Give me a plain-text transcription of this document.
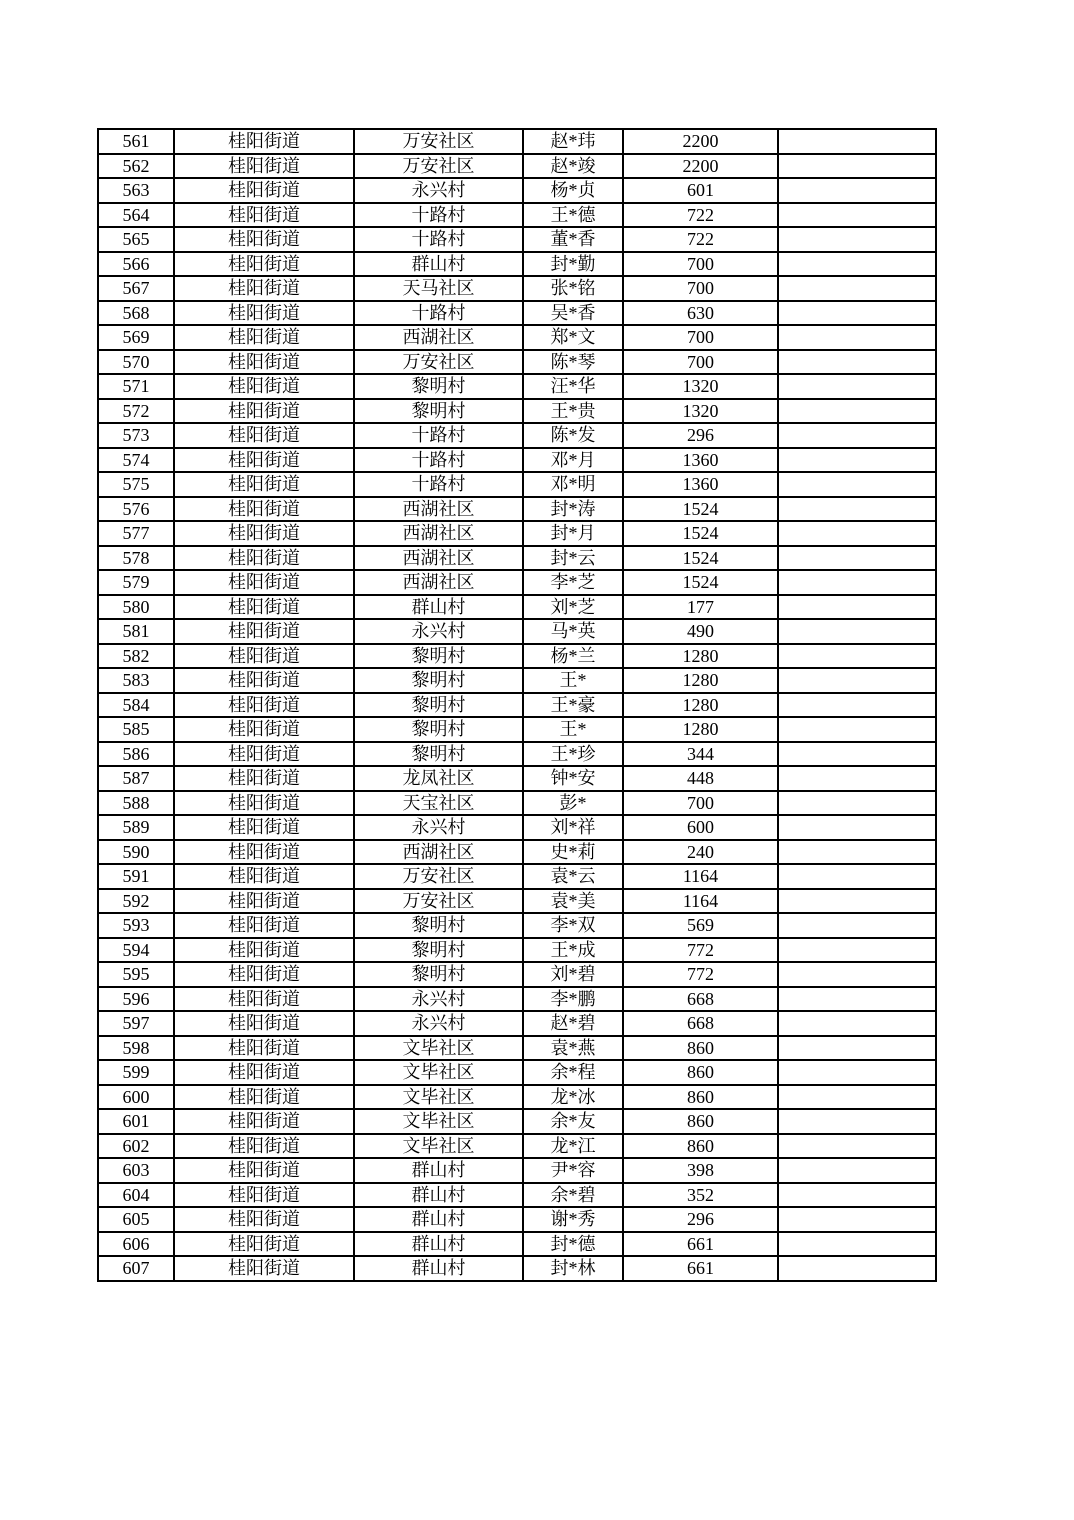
561	桂阳街道	万安社区	赵*玮	2200	
562	桂阳街道	万安社区	赵*竣	2200	
563	桂阳街道	永兴村	杨*贞	601	
564	桂阳街道	十路村	王*德	722	
565	桂阳街道	十路村	董*香	722	
566	桂阳街道	群山村	封*勤	700	
567	桂阳街道	天马社区	张*铭	700	
568	桂阳街道	十路村	吴*香	630	
569	桂阳街道	西湖社区	郑*文	700	
570	桂阳街道	万安社区	陈*琴	700	
571	桂阳街道	黎明村	汪*华	1320	
572	桂阳街道	黎明村	王*贵	1320	
573	桂阳街道	十路村	陈*发	296	
574	桂阳街道	十路村	邓*月	1360	
575	桂阳街道	十路村	邓*明	1360	
576	桂阳街道	西湖社区	封*涛	1524	
577	桂阳街道	西湖社区	封*月	1524	
578	桂阳街道	西湖社区	封*云	1524	
579	桂阳街道	西湖社区	李*芝	1524	
580	桂阳街道	群山村	刘*芝	177	
581	桂阳街道	永兴村	马*英	490	
582	桂阳街道	黎明村	杨*兰	1280	
583	桂阳街道	黎明村	王*	1280	
584	桂阳街道	黎明村	王*豪	1280	
585	桂阳街道	黎明村	王*	1280	
586	桂阳街道	黎明村	王*珍	344	
587	桂阳街道	龙凤社区	钟*安	448	
588	桂阳街道	天宝社区	彭*	700	
589	桂阳街道	永兴村	刘*祥	600	
590	桂阳街道	西湖社区	史*莉	240	
591	桂阳街道	万安社区	袁*云	1164	
592	桂阳街道	万安社区	袁*美	1164	
593	桂阳街道	黎明村	李*双	569	
594	桂阳街道	黎明村	王*成	772	
595	桂阳街道	黎明村	刘*碧	772	
596	桂阳街道	永兴村	李*鹏	668	
597	桂阳街道	永兴村	赵*碧	668	
598	桂阳街道	文毕社区	袁*燕	860	
599	桂阳街道	文毕社区	余*程	860	
600	桂阳街道	文毕社区	龙*冰	860	
601	桂阳街道	文毕社区	余*友	860	
602	桂阳街道	文毕社区	龙*江	860	
603	桂阳街道	群山村	尹*容	398	
604	桂阳街道	群山村	余*碧	352	
605	桂阳街道	群山村	谢*秀	296	
606	桂阳街道	群山村	封*德	661	
607	桂阳街道	群山村	封*林	661	
